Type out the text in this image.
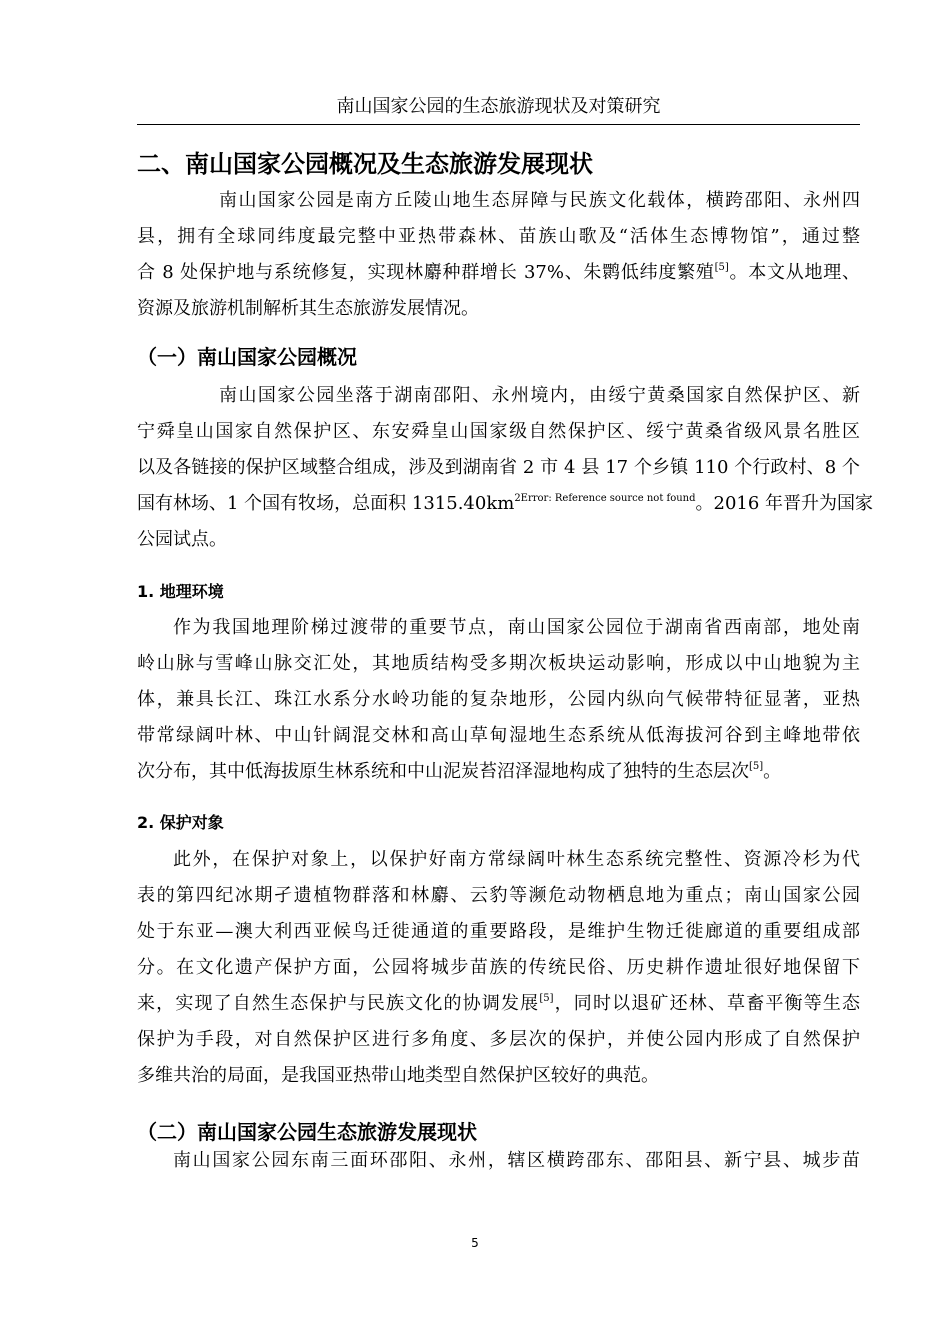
南山国家公园的生态旅游现状及对策研究
二、南山国家公园概况及生态旅游发展现状
南山国家公园是南方丘陵山地生态屏障与民族文化载体，横跨邵阳、永州四
县，拥有全球同纬度最完整中亚热带森林、苗族山歌及“活体生态博物馆”，通过整
合 8 处保护地与系统修复，实现林麝种群增长 37%、朱鹮低纬度繁殖[5]。本文从地理、
资源及旅游机制解析其生态旅游发展情况。
（一）南山国家公园概况
南山国家公园坐落于湖南邵阳、永州境内，由绥宁黄桑国家自然保护区、新
宁舜皇山国家自然保护区、东安舜皇山国家级自然保护区、绥宁黄桑省级风景名胜区
以及各链接的保护区域整合组成，涉及到湖南省 2 市 4 县 17 个乡镇 110 个行政村、8 个
国有林场、1 个国有牧场，总面积 $1315.40km^{2Error: Reference source not found}$。2016 年晋升为国家
公园试点。
1. 地理环境
作为我国地理阶梯过渡带的重要节点，南山国家公园位于湖南省西南部，地处南
岭山脉与雪峰山脉交汇处，其地质结构受多期次板块运动影响，形成以中山地貌为主
体，兼具长江、珠江水系分水岭功能的复杂地形，公园内纵向气候带特征显著，亚热
带常绿阔叶林、中山针阔混交林和高山草甸湿地生态系统从低海拔河谷到主峰地带依
次分布，其中低海拔原生林系统和中山泥炭苔沼泽湿地构成了独特的生态层次[5]。
2. 保护对象
此外，在保护对象上，以保护好南方常绿阔叶林生态系统完整性、资源冷杉为代
表的第四纪冰期孑遗植物群落和林麝、云豹等濒危动物栖息地为重点；南山国家公园
处于东亚—澳大利西亚候鸟迁徙通道的重要路段，是维护生物迁徙廊道的重要组成部
分。在文化遗产保护方面，公园将城步苗族的传统民俗、历史耕作遗址很好地保留下
来，实现了自然生态保护与民族文化的协调发展[5]，同时以退矿还林、草畜平衡等生态
保护为手段，对自然保护区进行多角度、多层次的保护，并使公园内形成了自然保护
多维共治的局面，是我国亚热带山地类型自然保护区较好的典范。
（二）南山国家公园生态旅游发展现状
南山国家公园东南三面环邵阳、永州，辖区横跨邵东、邵阳县、新宁县、城步苗
5
